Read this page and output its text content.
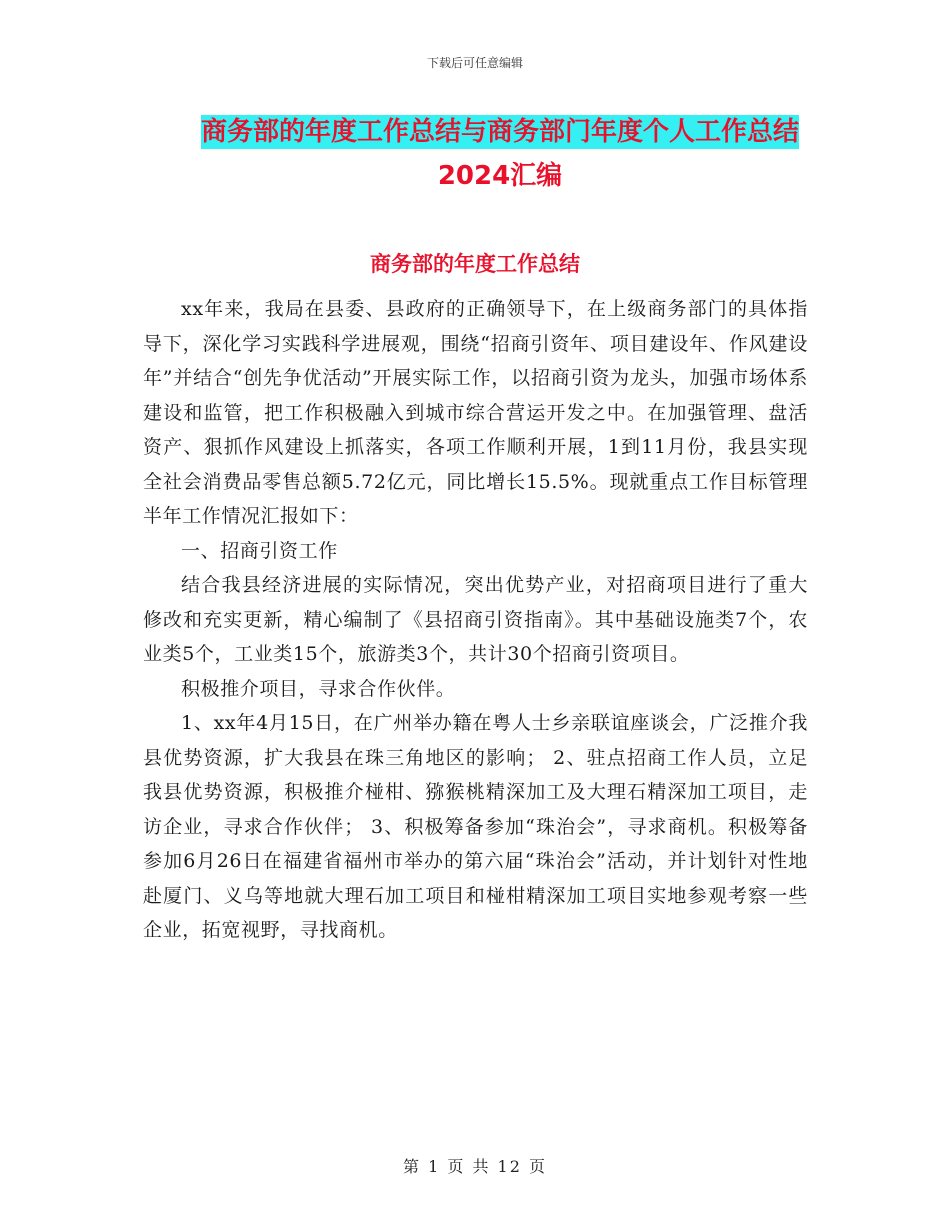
下载后可任意编辑
商务部的年度工作总结与商务部门年度个人工作总结
2024汇编
商务部的年度工作总结

xx年来，我局在县委、县政府的正确领导下，在上级商务部门的具体指导下，深化学习实践科学进展观，围绕“招商引资年、项目建设年、作风建设年”并结合“创先争优活动”开展实际工作，以招商引资为龙头，加强市场体系建设和监管，把工作积极融入到城市综合营运开发之中。在加强管理、盘活资产、狠抓作风建设上抓落实，各项工作顺利开展，1到11月份，我县实现全社会消费品零售总额5.72亿元，同比增长15.5%。现就重点工作目标管理半年工作情况汇报如下：

一、招商引资工作

结合我县经济进展的实际情况，突出优势产业，对招商项目进行了重大修改和充实更新，精心编制了《县招商引资指南》。其中基础设施类7个，农业类5个，工业类15个，旅游类3个，共计30个招商引资项目。

积极推介项目，寻求合作伙伴。

1、xx年4月15日，在广州举办籍在粤人士乡亲联谊座谈会，广泛推介我县优势资源，扩大我县在珠三角地区的影响； 2、驻点招商工作人员，立足我县优势资源，积极推介椪柑、猕猴桃精深加工及大理石精深加工项目，走访企业，寻求合作伙伴； 3、积极筹备参加“珠治会”，寻求商机。积极筹备参加6月26日在福建省福州市举办的第六届“珠治会”活动，并计划针对性地赴厦门、义乌等地就大理石加工项目和椪柑精深加工项目实地参观考察一些企业，拓宽视野，寻找商机。

第 1 页 共 12 页
